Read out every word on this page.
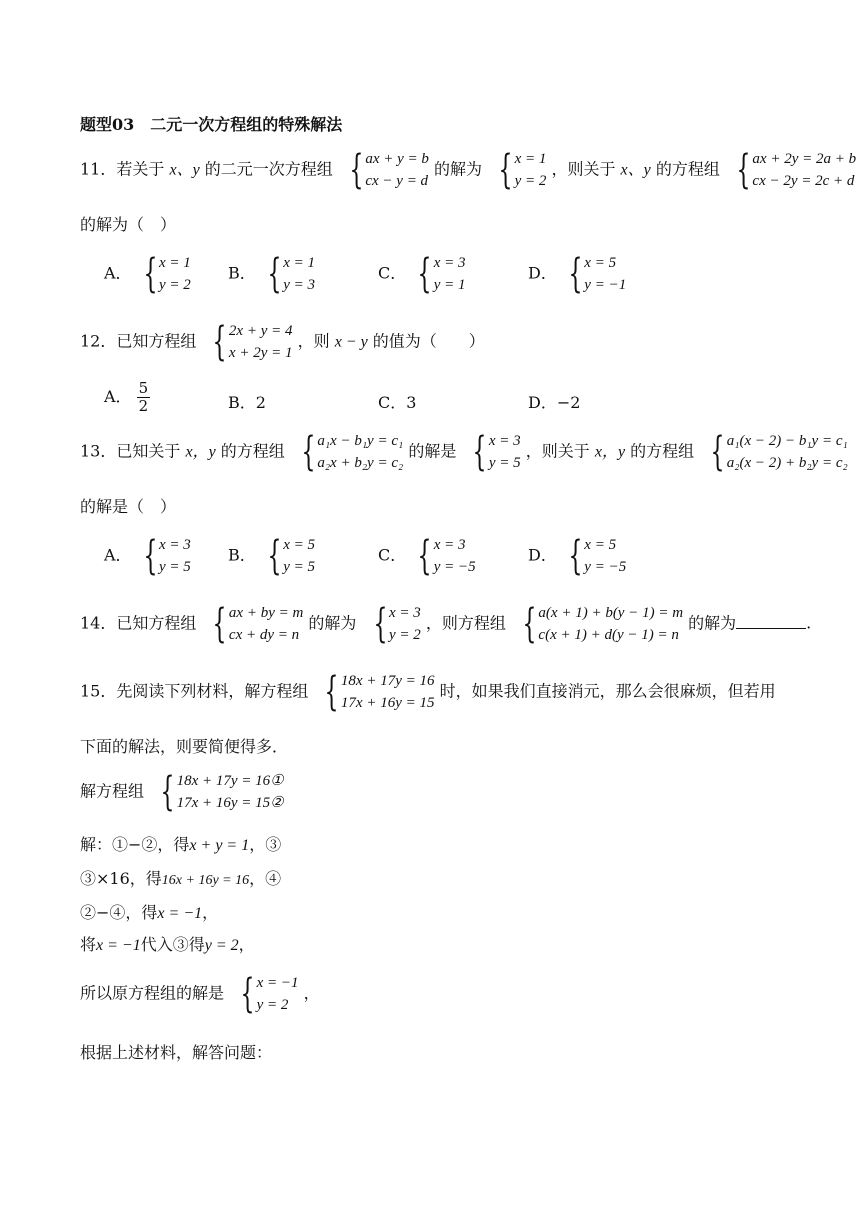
题型03　二元一次方程组的特殊解法
11．若关于 x、y 的二元一次方程组 { ax + y = b
cx − y = d
的解为 { x = 1
y = 2
，则关于 x、y 的方程组 { ax + 2y = 2a + b
cx − 2y = 2c + d
的解为（　）
A． { x = 1
y = 2
B． { x = 1
y = 3
C． { x = 3
y = 1
D． { x = 5
y = −1
12．已知方程组 { 2x + y = 4
x + 2y = 1
，则 x − y 的值为（　　）
A． $\frac{5}{2}$	B．2	C．3	D．−2
13．已知关于 x，y 的方程组 { a₁x − b₁y = c₁
a₂x + b₂y = c₂
的解是 { x = 3
y = 5
，则关于 x，y 的方程组 { a₁(x − 2) − b₁y = c₁
a₂(x − 2) + b₂y = c₂
的解是（　）
A． { x = 3
y = 5
B． { x = 5
y = 5
C． { x = 3
y = −5
D． { x = 5
y = −5
14．已知方程组 { ax + by = m
cx + dy = n
的解为 { x = 3
y = 2
，则方程组 { a(x + 1) + b(y − 1) = m
c(x + 1) + d(y − 1) = n
的解为	.
15．先阅读下列材料，解方程组 { 18x + 17y = 16
17x + 16y = 15
时，如果我们直接消元，那么会很麻烦，但若用
下面的解法，则要简便得多．
解方程组 { 18x + 17y = 16①
17x + 16y = 15②
解：①−②，得x + y = 1，③
③×16，得16x + 16y = 16，④
②−④，得x = −1，
将x = −1代入③得y = 2，
所以原方程组的解是 { x = −1
y = 2
，
根据上述材料，解答问题：
